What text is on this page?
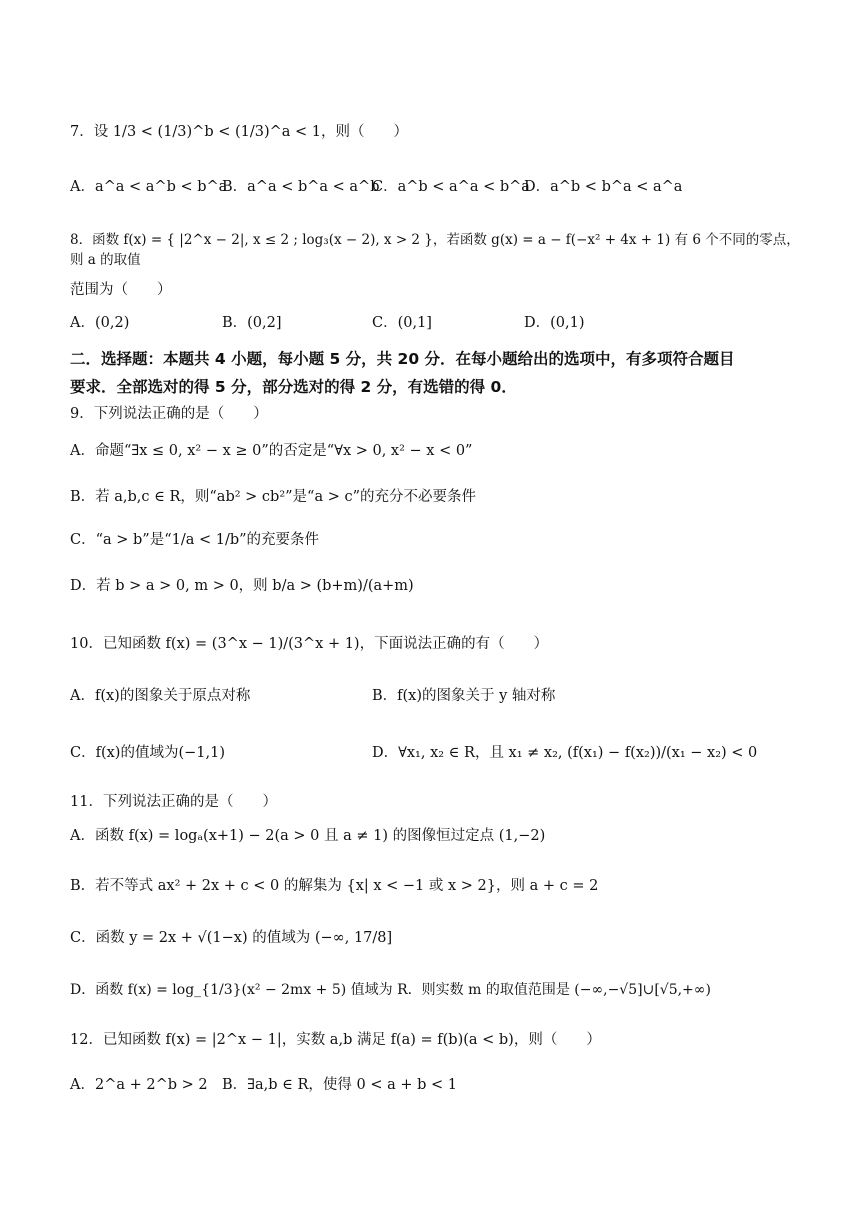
7．设 1/3 < (1/3)^b < (1/3)^a < 1，则（　　）
A．a^a < a^b < b^a
B．a^a < b^a < a^b
C．a^b < a^a < b^a
D．a^b < b^a < a^a
8．函数 f(x) = { |2^x − 2|, x ≤ 2 ; log₃(x − 2), x > 2 }，若函数 g(x) = a − f(−x² + 4x + 1) 有 6 个不同的零点，则 a 的取值
范围为（　　）
A．(0,2)	B．(0,2]	C．(0,1]	D．(0,1)
二．选择题：本题共 4 小题，每小题 5 分，共 20 分．在每小题给出的选项中，有多项符合题目
要求．全部选对的得 5 分，部分选对的得 2 分，有选错的得 0．
9．下列说法正确的是（　　）
A．命题“∃x ≤ 0, x² − x ≥ 0”的否定是“∀x > 0, x² − x < 0”
B．若 a,b,c ∈ R，则“ab² > cb²”是“a > c”的充分不必要条件
C．“a > b”是“1/a < 1/b”的充要条件
D．若 b > a > 0, m > 0，则 b/a > (b+m)/(a+m)
10．已知函数 f(x) = (3^x − 1)/(3^x + 1)，下面说法正确的有（　　）
A．f(x)的图象关于原点对称	B．f(x)的图象关于 y 轴对称
C．f(x)的值域为(−1,1)	D．∀x₁, x₂ ∈ R，且 x₁ ≠ x₂, (f(x₁) − f(x₂))/(x₁ − x₂) < 0
11．下列说法正确的是（　　）
A．函数 f(x) = logₐ(x+1) − 2(a > 0 且 a ≠ 1) 的图像恒过定点 (1,−2)
B．若不等式 ax² + 2x + c < 0 的解集为 {x| x < −1 或 x > 2}，则 a + c = 2
C．函数 y = 2x + √(1−x) 的值域为 (−∞, 17/8]
D．函数 f(x) = log_{1/3}(x² − 2mx + 5) 值域为 R．则实数 m 的取值范围是 (−∞,−√5]∪[√5,+∞)
12．已知函数 f(x) = |2^x − 1|，实数 a,b 满足 f(a) = f(b)(a < b)，则（　　）
A．2^a + 2^b > 2 B．∃a,b ∈ R，使得 0 < a + b < 1
